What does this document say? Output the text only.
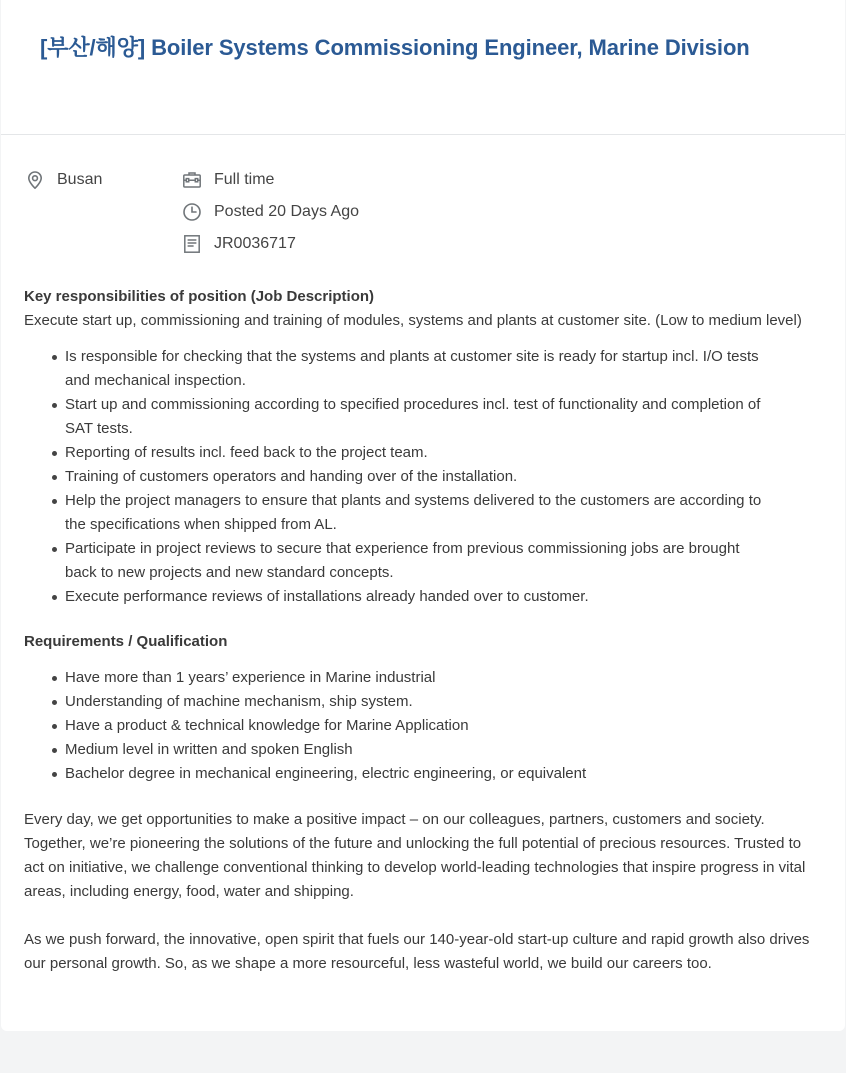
[부산/해양] Boiler Systems Commissioning Engineer, Marine Division
Busan	Full time
Posted 20 Days Ago
JR0036717

Key responsibilities of position (Job Description)

Execute start up, commissioning and training of modules, systems and plants at customer site. (Low to medium level)

Is responsible for checking that the systems and plants at customer site is ready for startup incl. I/O tests and mechanical inspection.
Start up and commissioning according to specified procedures incl. test of functionality and completion of SAT tests.
Reporting of results incl. feed back to the project team.
Training of customers operators and handing over of the installation.
Help the project managers to ensure that plants and systems delivered to the customers are according to the specifications when shipped from AL.
Participate in project reviews to secure that experience from previous commissioning jobs are brought back to new projects and new standard concepts.
Execute performance reviews of installations already handed over to customer.

Requirements / Qualification

Have more than 1 years’ experience in Marine industrial
Understanding of machine mechanism, ship system.
Have a product & technical knowledge for Marine Application
Medium level in written and spoken English
Bachelor degree in mechanical engineering, electric engineering, or equivalent

Every day, we get opportunities to make a positive impact – on our colleagues, partners, customers and society. Together, we’re pioneering the solutions of the future and unlocking the full potential of precious resources. Trusted to act on initiative, we challenge conventional thinking to develop world-leading technologies that inspire progress in vital areas, including energy, food, water and shipping.

As we push forward, the innovative, open spirit that fuels our 140-year-old start-up culture and rapid growth also drives our personal growth. So, as we shape a more resourceful, less wasteful world, we build our careers too.
